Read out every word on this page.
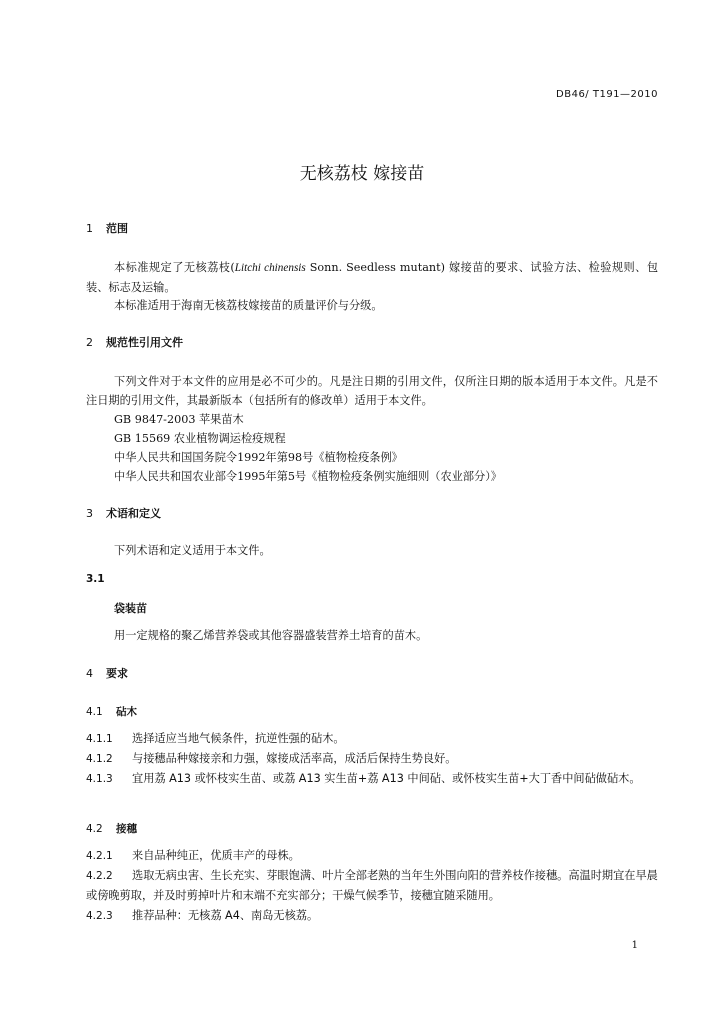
DB46/ T191—2010
无核荔枝 嫁接苗
1 范围
本标准规定了无核荔枝(Litchi chinensis Sonn. Seedless mutant) 嫁接苗的要求、试验方法、检验规则、包装、标志及运输。
本标准适用于海南无核荔枝嫁接苗的质量评价与分级。
2 规范性引用文件
下列文件对于本文件的应用是必不可少的。凡是注日期的引用文件，仅所注日期的版本适用于本文件。凡是不注日期的引用文件，其最新版本（包括所有的修改单）适用于本文件。
GB 9847-2003 苹果苗木
GB 15569 农业植物调运检疫规程
中华人民共和国国务院令1992年第98号《植物检疫条例》
中华人民共和国农业部令1995年第5号《植物检疫条例实施细则（农业部分）》
3 术语和定义
下列术语和定义适用于本文件。
3.1
袋装苗
用一定规格的聚乙烯营养袋或其他容器盛装营养土培育的苗木。
4 要求
4.1 砧木
4.1.1 选择适应当地气候条件，抗逆性强的砧木。
4.1.2 与接穗品种嫁接亲和力强，嫁接成活率高，成活后保持生势良好。
4.1.3 宜用荔 A13 或怀枝实生苗、或荔 A13 实生苗+荔 A13 中间砧、或怀枝实生苗+大丁香中间砧做砧木。
4.2 接穗
4.2.1 来自品种纯正，优质丰产的母株。
4.2.2 选取无病虫害、生长充实、芽眼饱满、叶片全部老熟的当年生外围向阳的营养枝作接穗。高温时期宜在早晨或傍晚剪取，并及时剪掉叶片和末端不充实部分；干燥气候季节，接穗宜随采随用。
4.2.3 推荐品种：无核荔 A4、南岛无核荔。
1
